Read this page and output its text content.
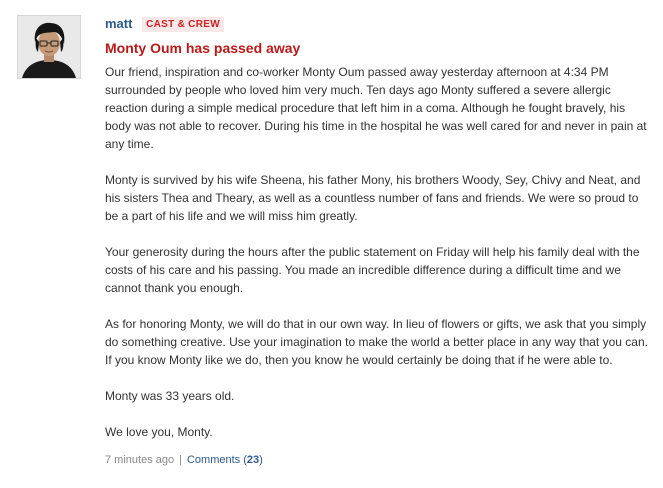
matt CAST & CREW
Monty Oum has passed away

Our friend, inspiration and co-worker Monty Oum passed away yesterday afternoon at 4:34 PM surrounded by people who loved him very much. Ten days ago Monty suffered a severe allergic reaction during a simple medical procedure that left him in a coma. Although he fought bravely, his body was not able to recover. During his time in the hospital he was well cared for and never in pain at any time.

Monty is survived by his wife Sheena, his father Mony, his brothers Woody, Sey, Chivy and Neat, and his sisters Thea and Theary, as well as a countless number of fans and friends. We were so proud to be a part of his life and we will miss him greatly.

Your generosity during the hours after the public statement on Friday will help his family deal with the costs of his care and his passing. You made an incredible difference during a difficult time and we cannot thank you enough.

As for honoring Monty, we will do that in our own way. In lieu of flowers or gifts, we ask that you simply do something creative. Use your imagination to make the world a better place in any way that you can. If you know Monty like we do, then you know he would certainly be doing that if he were able to.

Monty was 33 years old.

We love you, Monty.

7 minutes ago | Comments (23)
